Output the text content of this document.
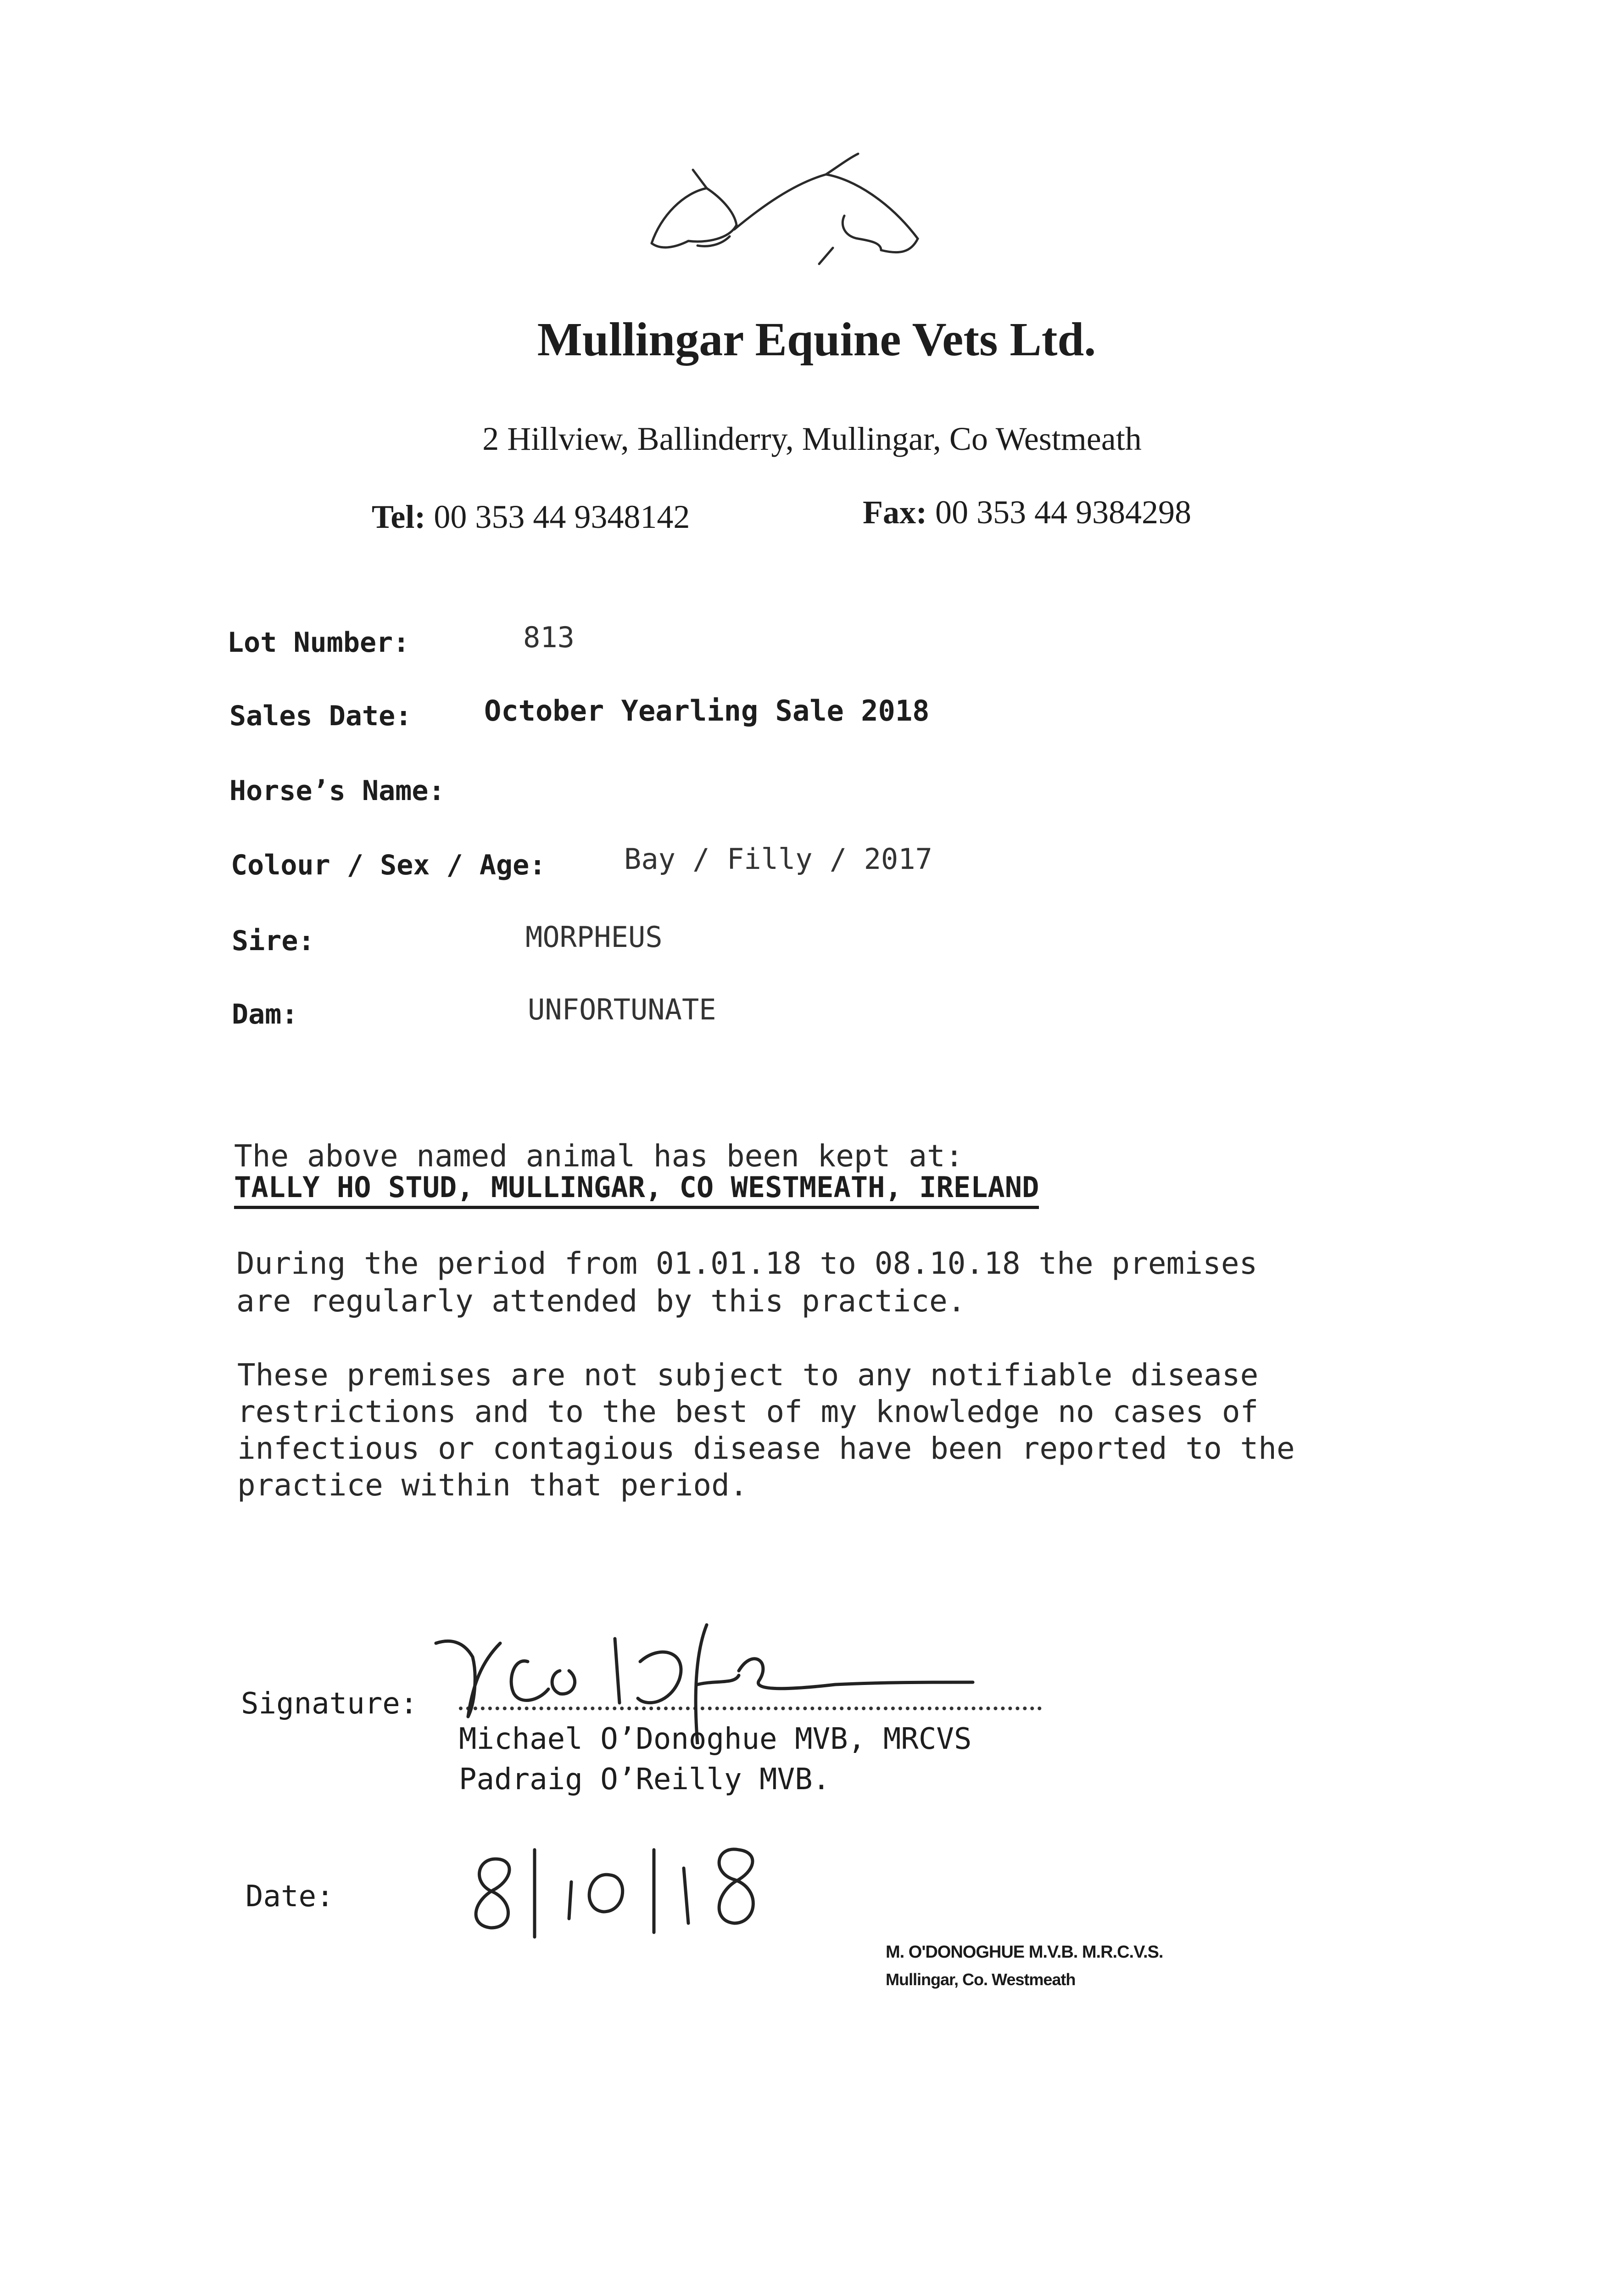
Mullingar Equine Vets Ltd.
2 Hillview, Ballinderry, Mullingar, Co Westmeath
Tel: 00 353 44 9348142	Fax: 00 353 44 9384298
Lot Number:	813
Sales Date:	October Yearling Sale 2018
Horse’s Name:
Colour / Sex / Age:	Bay / Filly / 2017
Sire:	MORPHEUS
Dam:	UNFORTUNATE
The above named animal has been kept at:
TALLY HO STUD, MULLINGAR, CO WESTMEATH, IRELAND
During the period from 01.01.18 to 08.10.18 the premises
are regularly attended by this practice.
These premises are not subject to any notifiable disease
restrictions and to the best of my knowledge no cases of
infectious or contagious disease have been reported to the
practice within that period.
Signature:
Michael O’Donoghue MVB, MRCVS
Padraig O’Reilly MVB.
Date:
M. O'DONOGHUE M.V.B. M.R.C.V.S.
Mullingar, Co. Westmeath
